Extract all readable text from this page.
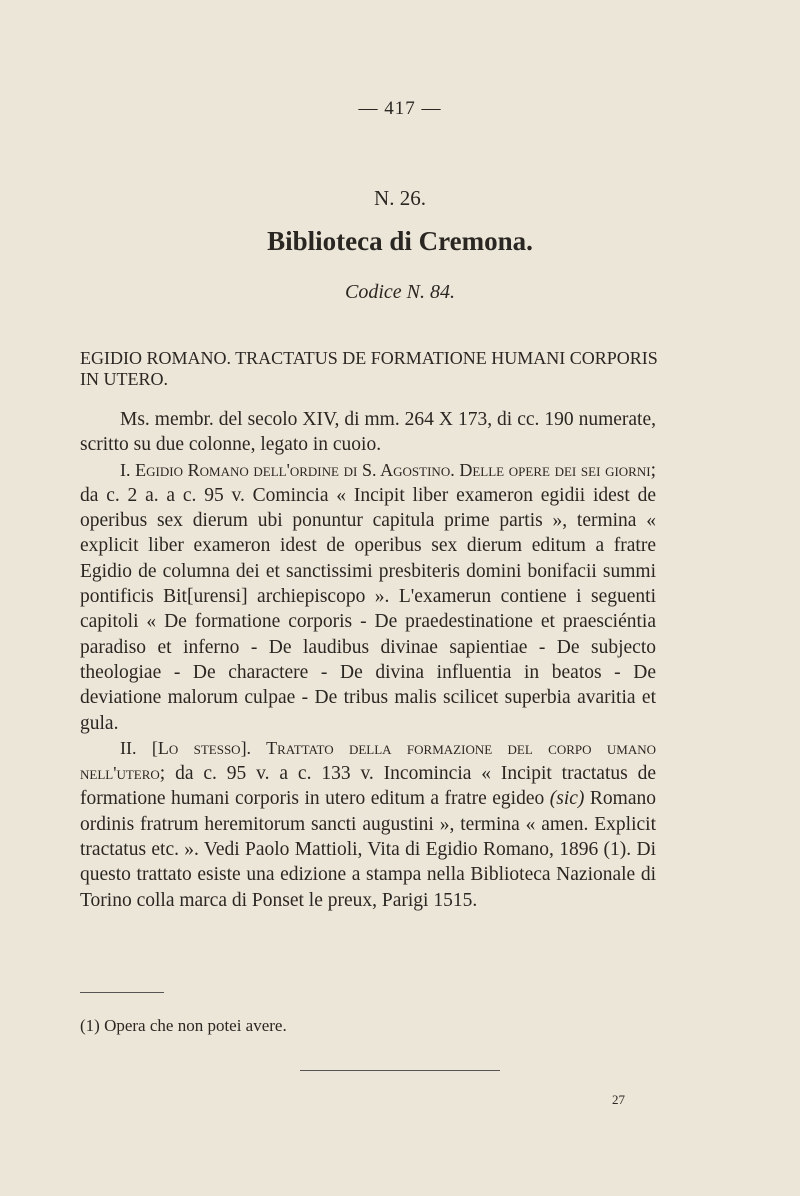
— 417 —
N. 26.
Biblioteca di Cremona.
Codice N. 84.
EGIDIO ROMANO. TRACTATUS DE FORMATIONE HUMANI CORPORIS IN UTERO.

Ms. membr. del secolo XIV, di mm. 264 X 173, di cc. 190 numerate, scritto su due colonne, legato in cuoio.

I. Egidio Romano dell'ordine di S. Agostino. Delle opere dei sei giorni; da c. 2 a. a c. 95 v. Comincia « Incipit liber exameron egidii idest de operibus sex dierum ubi ponuntur capitula prime partis », termina « explicit liber exameron idest de operibus sex dierum editum a fratre Egidio de columna dei et sanctissimi presbiteris domini bonifacii summi pontificis Bit[urensi] archiepiscopo ». L'examerun contiene i seguenti capitoli « De formatione corporis - De praedestinatione et praesciéntia paradiso et inferno - De laudibus divinae sapientiae - De subjecto theologiae - De charactere - De divina influentia in beatos - De deviatione malorum culpae - De tribus malis scilicet superbia avaritia et gula.

II. [Lo stesso]. Trattato della formazione del corpo umano nell'utero; da c. 95 v. a c. 133 v. Incomincia « Incipit tractatus de formatione humani corporis in utero editum a fratre egideo (sic) Romano ordinis fratrum heremitorum sancti augustini », termina « amen. Explicit tractatus etc. ». Vedi Paolo Mattioli, Vita di Egidio Romano, 1896 (1). Di questo trattato esiste una edizione a stampa nella Biblioteca Nazionale di Torino colla marca di Ponset le preux, Parigi 1515.

(1) Opera che non potei avere.
27
